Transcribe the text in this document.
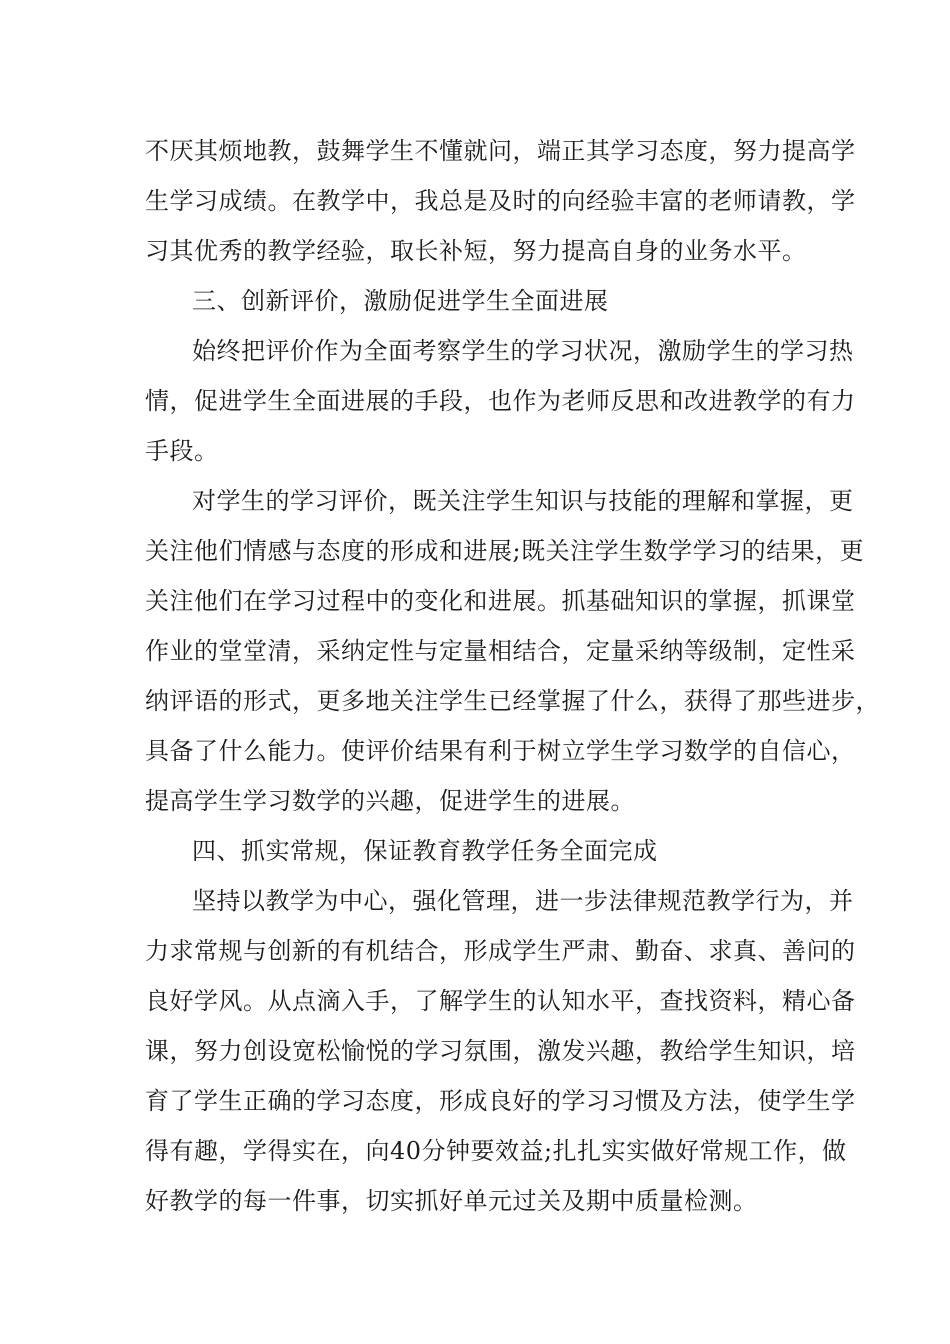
不厌其烦地教，鼓舞学生不懂就问，端正其学习态度，努力提高学
生学习成绩。在教学中，我总是及时的向经验丰富的老师请教，学
习其优秀的教学经验，取长补短，努力提高自身的业务水平。
三、创新评价，激励促进学生全面进展
始终把评价作为全面考察学生的学习状况，激励学生的学习热
情，促进学生全面进展的手段，也作为老师反思和改进教学的有力
手段。
对学生的学习评价，既关注学生知识与技能的理解和掌握，更
关注他们情感与态度的形成和进展;既关注学生数学学习的结果，更
关注他们在学习过程中的变化和进展。抓基础知识的掌握，抓课堂
作业的堂堂清，采纳定性与定量相结合，定量采纳等级制，定性采
纳评语的形式，更多地关注学生已经掌握了什么，获得了那些进步，
具备了什么能力。使评价结果有利于树立学生学习数学的自信心，
提高学生学习数学的兴趣，促进学生的进展。
四、抓实常规，保证教育教学任务全面完成
坚持以教学为中心，强化管理，进一步法律规范教学行为，并
力求常规与创新的有机结合，形成学生严肃、勤奋、求真、善问的
良好学风。从点滴入手，了解学生的认知水平，查找资料，精心备
课，努力创设宽松愉悦的学习氛围，激发兴趣，教给学生知识，培
育了学生正确的学习态度，形成良好的学习习惯及方法，使学生学
得有趣，学得实在，向40分钟要效益;扎扎实实做好常规工作，做
好教学的每一件事，切实抓好单元过关及期中质量检测。
